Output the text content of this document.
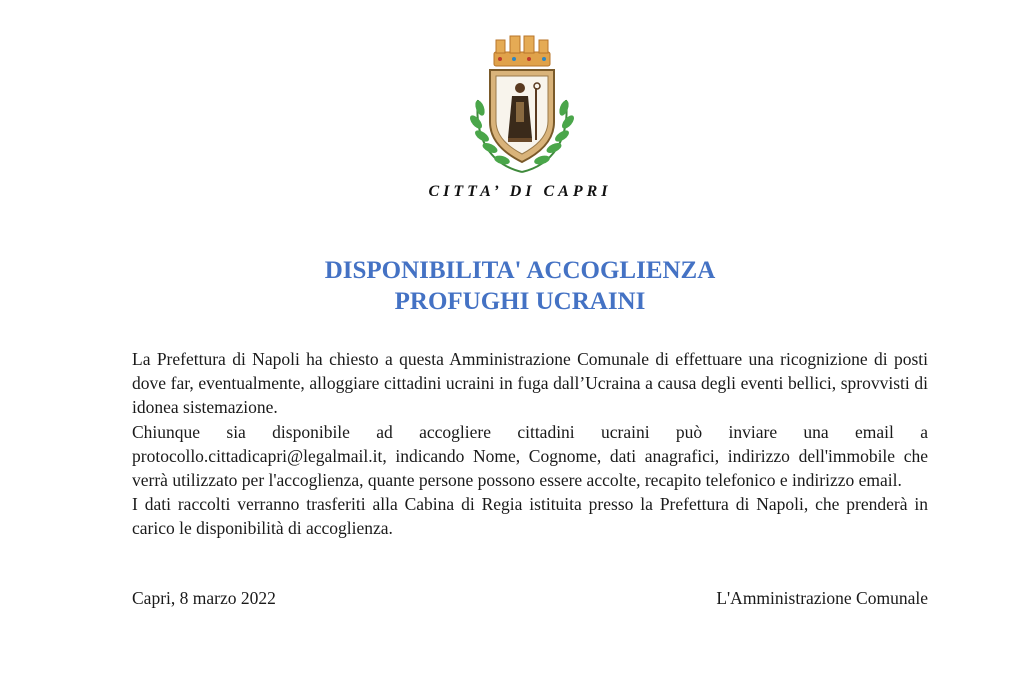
CITTA’ DI CAPRI
DISPONIBILITA' ACCOGLIENZA
PROFUGHI UCRAINI

La Prefettura di Napoli ha chiesto a questa Amministrazione Comunale di effettuare una ricognizione di posti dove far, eventualmente, alloggiare cittadini ucraini in fuga dall’Ucraina a causa degli eventi bellici, sprovvisti di idonea sistemazione.

Chiunque sia disponibile ad accogliere cittadini ucraini può inviare una email a protocollo.cittadicapri@legalmail.it, indicando Nome, Cognome, dati anagrafici, indirizzo dell'immobile che verrà utilizzato per l'accoglienza, quante persone possono essere accolte, recapito telefonico e indirizzo email.

I dati raccolti verranno trasferiti alla Cabina di Regia istituita presso la Prefettura di Napoli, che prenderà in carico le disponibilità di accoglienza.

Capri, 8 marzo 2022	L'Amministrazione Comunale
